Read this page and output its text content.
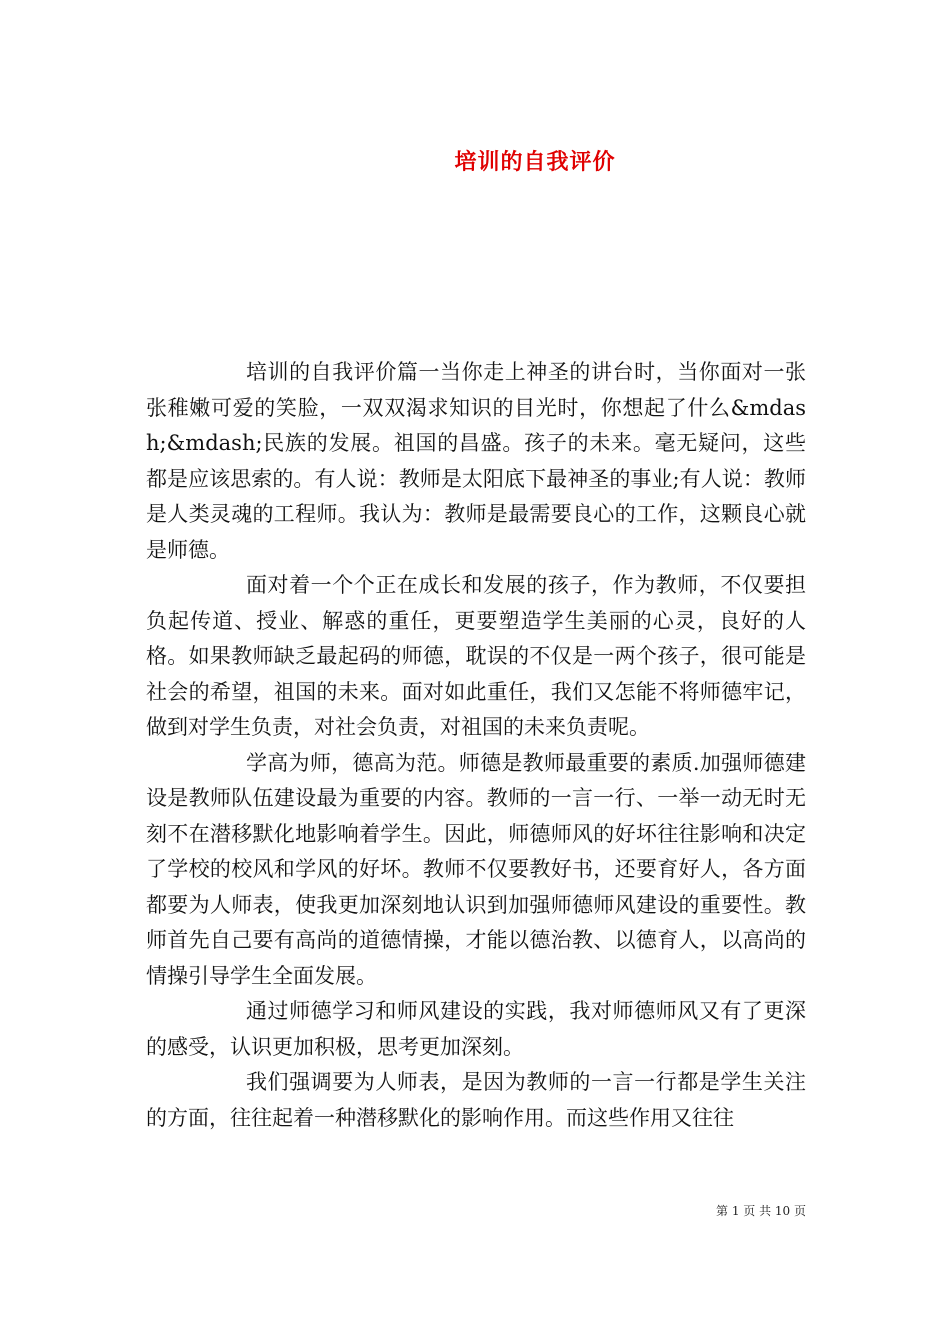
培训的自我评价

培训的自我评价篇一当你走上神圣的讲台时，当你面对一张张稚嫩可爱的笑脸，一双双渴求知识的目光时，你想起了什么&mdash;&mdash;民族的发展。祖国的昌盛。孩子的未来。毫无疑问，这些都是应该思索的。有人说：教师是太阳底下最神圣的事业;有人说：教师是人类灵魂的工程师。我认为：教师是最需要良心的工作，这颗良心就是师德。

面对着一个个正在成长和发展的孩子，作为教师，不仅要担负起传道、授业、解惑的重任，更要塑造学生美丽的心灵，良好的人格。如果教师缺乏最起码的师德，耽误的不仅是一两个孩子，很可能是社会的希望，祖国的未来。面对如此重任，我们又怎能不将师德牢记，做到对学生负责，对社会负责，对祖国的未来负责呢。

学高为师，德高为范。师德是教师最重要的素质.加强师德建设是教师队伍建设最为重要的内容。教师的一言一行、一举一动无时无刻不在潜移默化地影响着学生。因此，师德师风的好坏往往影响和决定了学校的校风和学风的好坏。教师不仅要教好书，还要育好人，各方面都要为人师表，使我更加深刻地认识到加强师德师风建设的重要性。教师首先自己要有高尚的道德情操，才能以德治教、以德育人，以高尚的情操引导学生全面发展。

通过师德学习和师风建设的实践，我对师德师风又有了更深的感受，认识更加积极，思考更加深刻。

我们强调要为人师表，是因为教师的一言一行都是学生关注的方面，往往起着一种潜移默化的影响作用。而这些作用又往往

第 1 页 共 10 页
